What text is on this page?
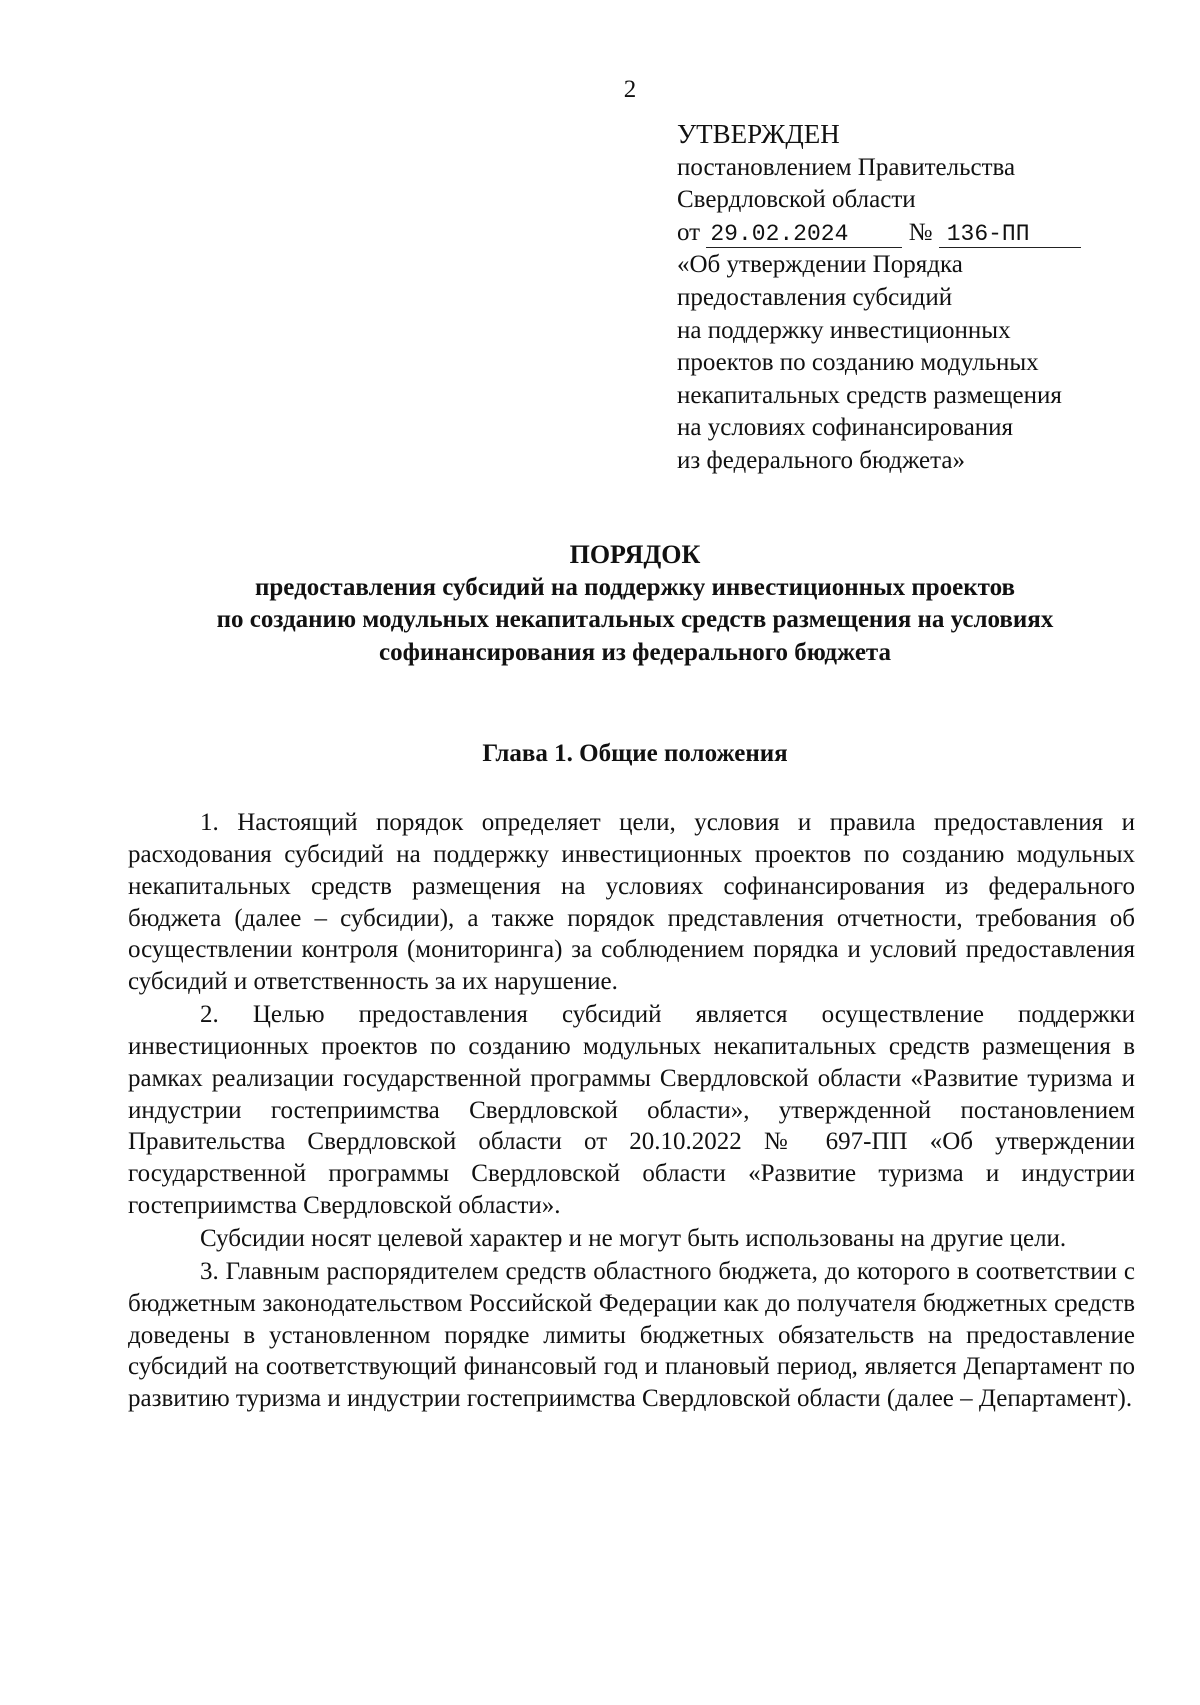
2
УТВЕРЖДЕН
постановлением Правительства
Свердловской области
от 29.02.2024 № 136-ПП
«Об утверждении Порядка
предоставления субсидий
на поддержку инвестиционных
проектов по созданию модульных
некапитальных средств размещения
на условиях софинансирования
из федерального бюджета»
ПОРЯДОК
предоставления субсидий на поддержку инвестиционных проектов
по созданию модульных некапитальных средств размещения на условиях
софинансирования из федерального бюджета
Глава 1. Общие положения

1. Настоящий порядок определяет цели, условия и правила предоставления и расходования субсидий на поддержку инвестиционных проектов по созданию модульных некапитальных средств размещения на условиях софинансирования из федерального бюджета (далее – субсидии), а также порядок представления отчетности, требования об осуществлении контроля (мониторинга) за соблюдением порядка и условий предоставления субсидий и ответственность за их нарушение.

2. Целью предоставления субсидий является осуществление поддержки инвестиционных проектов по созданию модульных некапитальных средств размещения в рамках реализации государственной программы Свердловской области «Развитие туризма и индустрии гостеприимства Свердловской области», утвержденной постановлением Правительства Свердловской области от 20.10.2022 № 697-ПП «Об утверждении государственной программы Свердловской области «Развитие туризма и индустрии гостеприимства Свердловской области».

Субсидии носят целевой характер и не могут быть использованы на другие цели.

3. Главным распорядителем средств областного бюджета, до которого в соответствии с бюджетным законодательством Российской Федерации как до получателя бюджетных средств доведены в установленном порядке лимиты бюджетных обязательств на предоставление субсидий на соответствующий финансовый год и плановый период, является Департамент по развитию туризма и индустрии гостеприимства Свердловской области (далее – Департамент).
